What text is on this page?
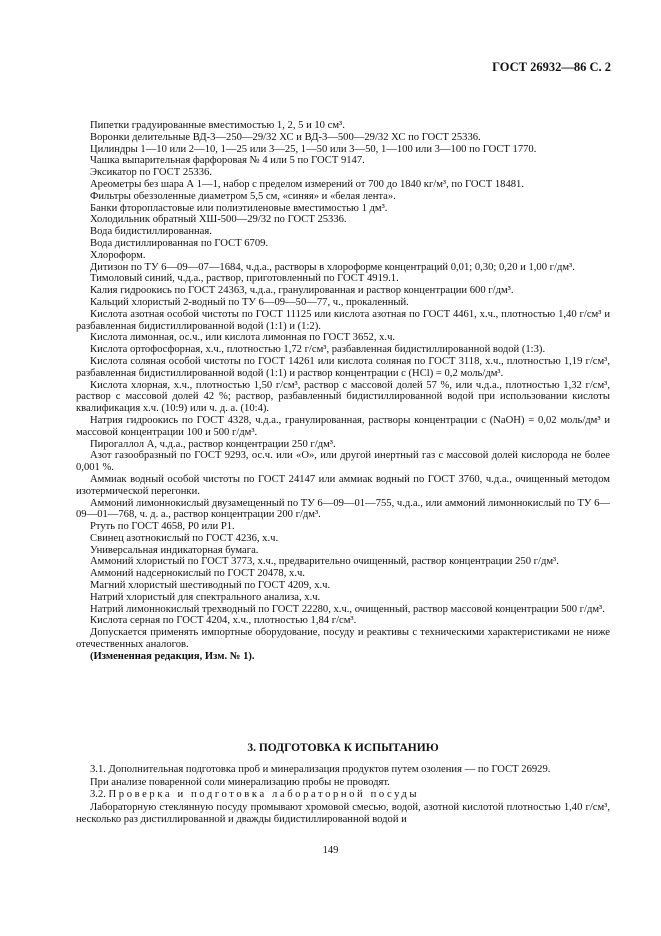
ГОСТ 26932—86 С. 2

Пипетки градуированные вместимостью 1, 2, 5 и 10 см³.

Воронки делительные ВД-3—250—29/32 ХС и ВД-3—500—29/32 ХС по ГОСТ 25336.

Цилиндры 1—10 или 2—10, 1—25 или 3—25, 1—50 или 3—50, 1—100 или 3—100 по ГОСТ 1770.

Чашка выпарительная фарфоровая № 4 или 5 по ГОСТ 9147.

Эксикатор по ГОСТ 25336.

Ареометры без шара А 1—1, набор с пределом измерений от 700 до 1840 кг/м³, по ГОСТ 18481.

Фильтры обеззоленные диаметром 5,5 см, «синяя» и «белая лента».

Банки фторопластовые или полиэтиленовые вместимостью 1 дм³.

Холодильник обратный ХШ-500—29/32 по ГОСТ 25336.

Вода бидистиллированная.

Вода дистиллированная по ГОСТ 6709.

Хлороформ.

Дитизон по ТУ 6—09—07—1684, ч.д.а., растворы в хлороформе концентраций 0,01; 0,30; 0,20 и 1,00 г/дм³.

Тимоловый синий, ч.д.а., раствор, приготовленный по ГОСТ 4919.1.

Калия гидроокись по ГОСТ 24363, ч.д.а., гранулированная и раствор концентрации 600 г/дм³.

Кальций хлористый 2-водный по ТУ 6—09—50—77, ч., прокаленный.

Кислота азотная особой чистоты по ГОСТ 11125 или кислота азотная по ГОСТ 4461, х.ч., плотностью 1,40 г/см³ и разбавленная бидистиллированной водой (1:1) и (1:2).

Кислота лимонная, ос.ч., или кислота лимонная по ГОСТ 3652, х.ч.

Кислота ортофосфорная, х.ч., плотностью 1,72 г/см³, разбавленная бидистиллированной водой (1:3).

Кислота соляная особой чистоты по ГОСТ 14261 или кислота соляная по ГОСТ 3118, х.ч., плотностью 1,19 г/см³, разбавленная бидистиллированной водой (1:1) и раствор концентрации c (HCl) = 0,2 моль/дм³.

Кислота хлорная, х.ч., плотностью 1,50 г/см³, раствор с массовой долей 57 %, или ч.д.а., плотностью 1,32 г/см³, раствор с массовой долей 42 %; раствор, разбавленный бидистиллированной водой при использовании кислоты квалификация х.ч. (10:9) или ч. д. а. (10:4).

Натрия гидроокись по ГОСТ 4328, ч.д.а., гранулированная, растворы концентрации c (NaOH) = 0,02 моль/дм³ и массовой концентрации 100 и 500 г/дм³.

Пирогаллол А, ч.д.а., раствор концентрации 250 г/дм³.

Азот газообразный по ГОСТ 9293, ос.ч. или «О», или другой инертный газ с массовой долей кислорода не более 0,001 %.

Аммиак водный особой чистоты по ГОСТ 24147 или аммиак водный по ГОСТ 3760, ч.д.а., очищенный методом изотермической перегонки.

Аммоний лимоннокислый двузамещенный по ТУ 6—09—01—755, ч.д.а., или аммоний лимоннокислый по ТУ 6—09—01—768, ч. д. а., раствор концентрации 200 г/дм³.

Ртуть по ГОСТ 4658, Р0 или Р1.

Свинец азотнокислый по ГОСТ 4236, х.ч.

Универсальная индикаторная бумага.

Аммоний хлористый по ГОСТ 3773, х.ч., предварительно очищенный, раствор концентрации 250 г/дм³.

Аммоний надсернокислый по ГОСТ 20478, х.ч.

Магний хлористый шестиводный по ГОСТ 4209, х.ч.

Натрий хлористый для спектрального анализа, х.ч.

Натрий лимоннокислый трехводный по ГОСТ 22280, х.ч., очищенный, раствор массовой концентрации 500 г/дм³.

Кислота серная по ГОСТ 4204, х.ч., плотностью 1,84 г/см³.

Допускается применять импортные оборудование, посуду и реактивы с техническими характеристиками не ниже отечественных аналогов.

(Измененная редакция, Изм. № 1).

3. ПОДГОТОВКА К ИСПЫТАНИЮ

3.1. Дополнительная подготовка проб и минерализация продуктов путем озоления — по ГОСТ 26929.

При анализе поваренной соли минерализацию пробы не проводят.

3.2. Проверка и подготовка лабораторной посуды

Лабораторную стеклянную посуду промывают хромовой смесью, водой, азотной кислотой плотностью 1,40 г/см³, несколько раз дистиллированной и дважды бидистиллированной водой и

149
